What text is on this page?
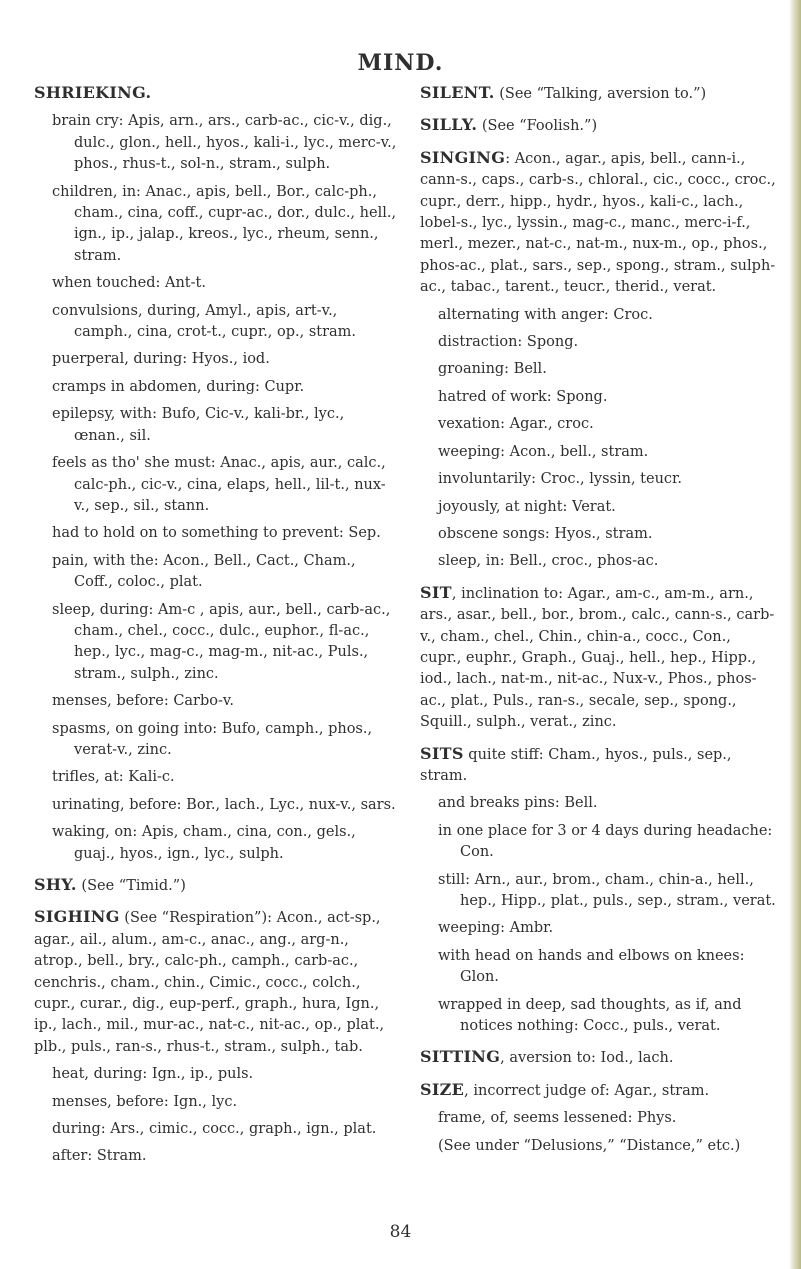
MIND.

SHRIEKING.

brain cry: Apis, arn., ars., carb-ac., cic-v., dig., dulc., glon., hell., hyos., kali-i., lyc., merc-v., phos., rhus-t., sol-n., stram., sulph.

children, in: Anac., apis, bell., Bor., calc-ph., cham., cina, coff., cupr-ac., dor., dulc., hell., ign., ip., jalap., kreos., lyc., rheum, senn., stram.

when touched: Ant-t.

convulsions, during, Amyl., apis, art-v., camph., cina, crot-t., cupr., op., stram.

puerperal, during: Hyos., iod.

cramps in abdomen, during: Cupr.

epilepsy, with: Bufo, Cic-v., kali-br., lyc., œnan., sil.

feels as tho' she must: Anac., apis, aur., calc., calc-ph., cic-v., cina, elaps, hell., lil-t., nux-v., sep., sil., stann.

had to hold on to something to prevent: Sep.

pain, with the: Acon., Bell., Cact., Cham., Coff., coloc., plat.

sleep, during: Am-c , apis, aur., bell., carb-ac., cham., chel., cocc., dulc., euphor., fl-ac., hep., lyc., mag-c., mag-m., nit-ac., Puls., stram., sulph., zinc.

menses, before: Carbo-v.

spasms, on going into: Bufo, camph., phos., verat-v., zinc.

trifles, at: Kali-c.

urinating, before: Bor., lach., Lyc., nux-v., sars.

waking, on: Apis, cham., cina, con., gels., guaj., hyos., ign., lyc., sulph.

SHY. (See “Timid.”)

SIGHING (See “Respiration”): Acon., act-sp., agar., ail., alum., am-c., anac., ang., arg-n., atrop., bell., bry., calc-ph., camph., carb-ac., cenchris., cham., chin., Cimic., cocc., colch., cupr., curar., dig., eup-perf., graph., hura, Ign., ip., lach., mil., mur-ac., nat-c., nit-ac., op., plat., plb., puls., ran-s., rhus-t., stram., sulph., tab.

heat, during: Ign., ip., puls.

menses, before: Ign., lyc.

during: Ars., cimic., cocc., graph., ign., plat.

after: Stram.

SILENT. (See “Talking, aversion to.”)

SILLY. (See “Foolish.”)

SINGING: Acon., agar., apis, bell., cann-i., cann-s., caps., carb-s., chloral., cic., cocc., croc., cupr., derr., hipp., hydr., hyos., kali-c., lach., lobel-s., lyc., lyssin., mag-c., manc., merc-i-f., merl., mezer., nat-c., nat-m., nux-m., op., phos., phos-ac., plat., sars., sep., spong., stram., sulph-ac., tabac., tarent., teucr., therid., verat.

alternating with anger: Croc.

distraction: Spong.

groaning: Bell.

hatred of work: Spong.

vexation: Agar., croc.

weeping: Acon., bell., stram.

involuntarily: Croc., lyssin, teucr.

joyously, at night: Verat.

obscene songs: Hyos., stram.

sleep, in: Bell., croc., phos-ac.

SIT, inclination to: Agar., am-c., am-m., arn., ars., asar., bell., bor., brom., calc., cann-s., carb-v., cham., chel., Chin., chin-a., cocc., Con., cupr., euphr., Graph., Guaj., hell., hep., Hipp., iod., lach., nat-m., nit-ac., Nux-v., Phos., phos-ac., plat., Puls., ran-s., secale, sep., spong., Squill., sulph., verat., zinc.

SITS quite stiff: Cham., hyos., puls., sep., stram.

and breaks pins: Bell.

in one place for 3 or 4 days during headache: Con.

still: Arn., aur., brom., cham., chin-a., hell., hep., Hipp., plat., puls., sep., stram., verat.

weeping: Ambr.

with head on hands and elbows on knees: Glon.

wrapped in deep, sad thoughts, as if, and notices nothing: Cocc., puls., verat.

SITTING, aversion to: Iod., lach.

SIZE, incorrect judge of: Agar., stram.

frame, of, seems lessened: Phys.

(See under “Delusions,” “Distance,” etc.)

84
